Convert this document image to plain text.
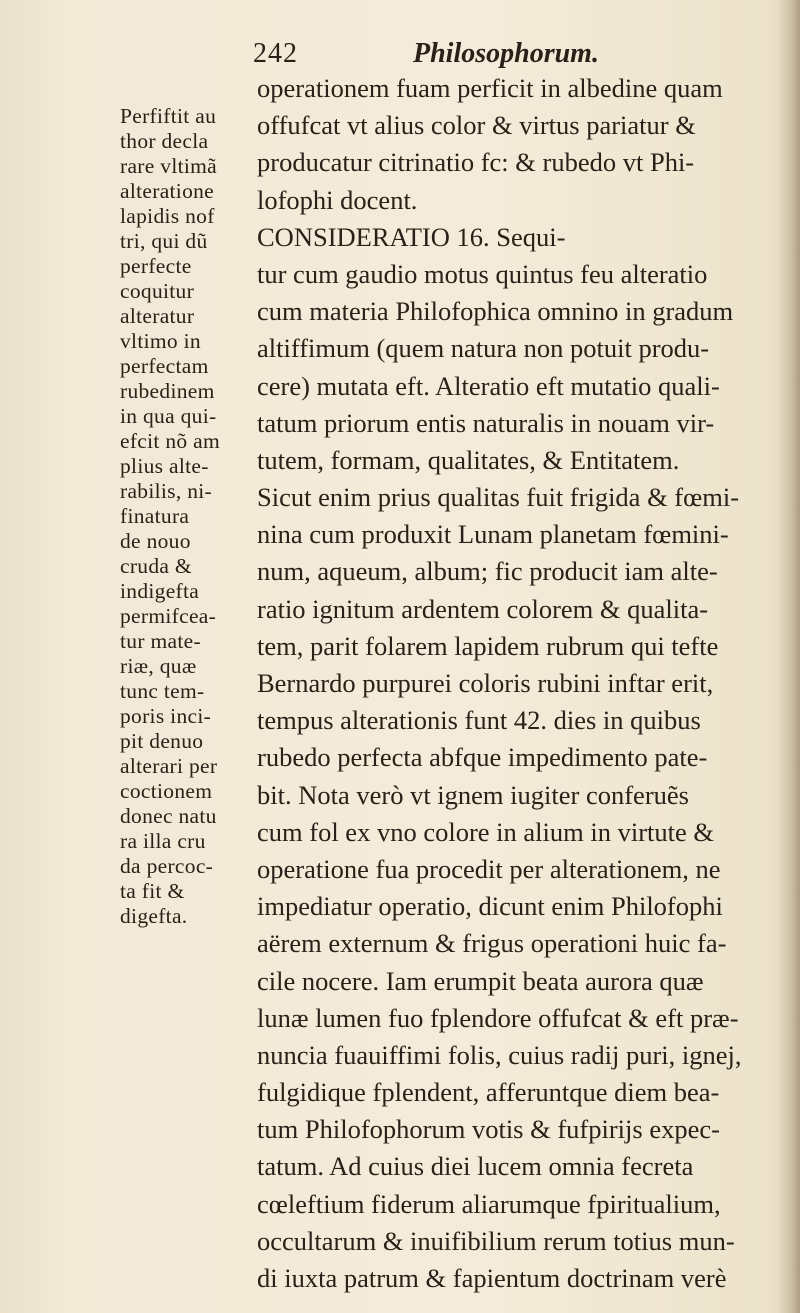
242	Philosophorum.
Perfiftit au
thor decla
rare vltimã
alteratione
lapidis nof
tri, qui dũ
perfecte
coquitur
alteratur
vltimo in
perfectam
rubedinem
in qua qui-
efcit nõ am
plius alte-
rabilis, ni-
finatura
de nouo
cruda &
indigefta
permifcea-
tur mate-
riæ, quæ
tunc tem-
poris inci-
pit denuo
alterari per
coctionem
donec natu
ra illa cru
da percoc-
ta fit &
digefta.
operationem fuam perficit in albedine quam
offufcat vt alius color & virtus pariatur &
producatur citrinatio fc: & rubedo vt Phi-
lofophi docent.
CONSIDERATIO 16. Sequi-
tur cum gaudio motus quintus feu alteratio
cum materia Philofophica omnino in gradum
altiffimum (quem natura non potuit produ-
cere) mutata eft. Alteratio eft mutatio quali-
tatum priorum entis naturalis in nouam vir-
tutem, formam, qualitates, & Entitatem.
Sicut enim prius qualitas fuit frigida & fœmi-
nina cum produxit Lunam planetam fœmini-
num, aqueum, album; fic producit iam alte-
ratio ignitum ardentem colorem & qualita-
tem, parit folarem lapidem rubrum qui tefte
Bernardo purpurei coloris rubini inftar erit,
tempus alterationis funt 42. dies in quibus
rubedo perfecta abfque impedimento pate-
bit. Nota verò vt ignem iugiter conferuẽs
cum fol ex vno colore in alium in virtute &
operatione fua procedit per alterationem, ne
impediatur operatio, dicunt enim Philofophi
aërem externum & frigus operationi huic fa-
cile nocere. Iam erumpit beata aurora quæ
lunæ lumen fuo fplendore offufcat & eft præ-
nuncia fuauiffimi folis, cuius radij puri, ignej,
fulgidique fplendent, afferuntque diem bea-
tum Philofophorum votis & fufpirijs expec-
tatum. Ad cuius diei lucem omnia fecreta
cœleftium fiderum aliarumque fpiritualium,
occultarum & inuifibilium rerum totius mun-
di iuxta patrum & fapientum doctrinam verè
